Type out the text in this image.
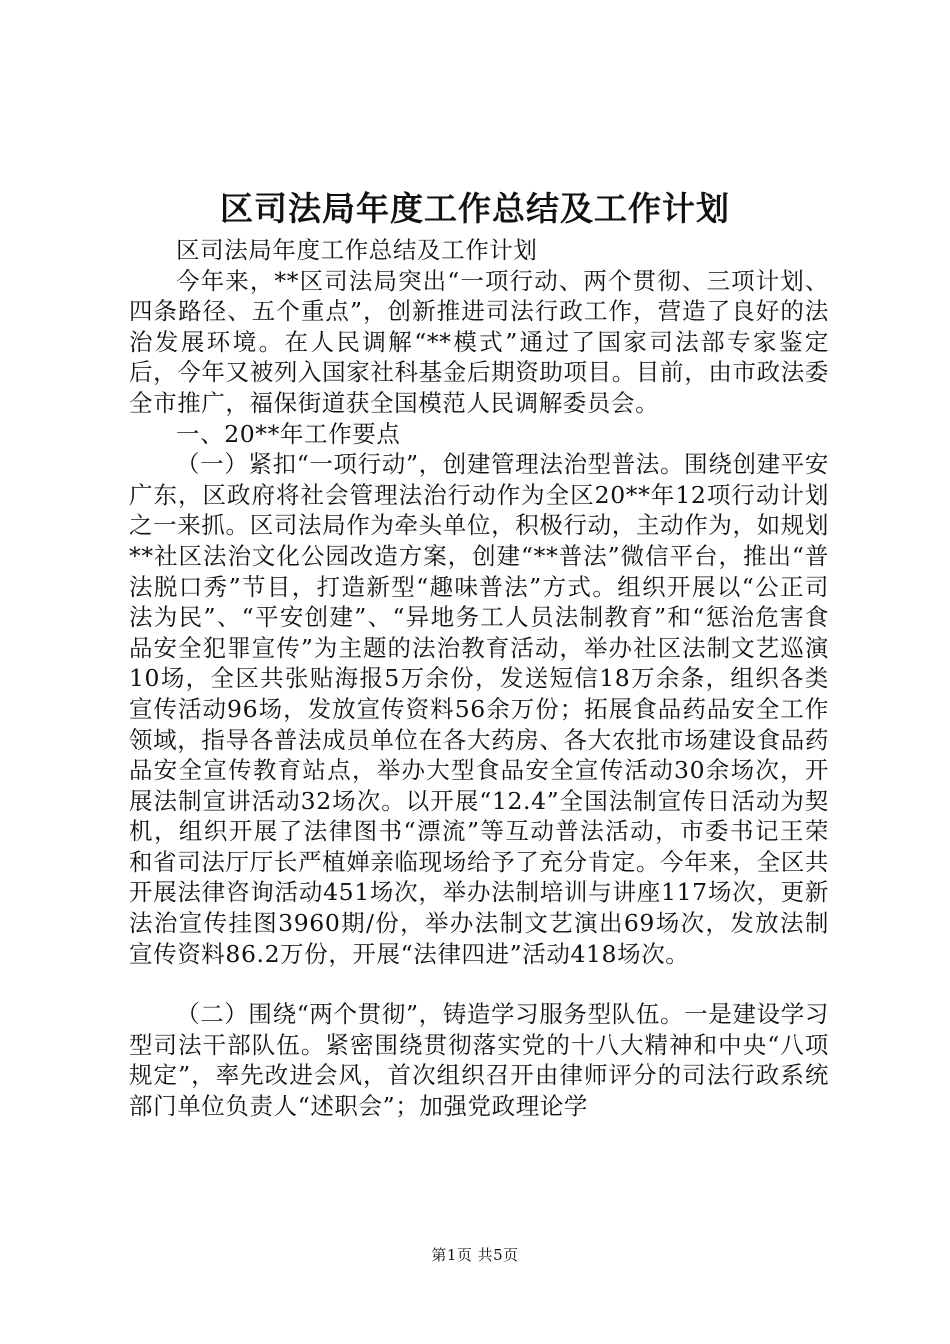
区司法局年度工作总结及工作计划

区司法局年度工作总结及工作计划

今年来，**区司法局突出“一项行动、两个贯彻、三项计划、四条路径、五个重点”，创新推进司法行政工作，营造了良好的法治发展环境。在人民调解“**模式”通过了国家司法部专家鉴定后，今年又被列入国家社科基金后期资助项目。目前，由市政法委全市推广，福保街道获全国模范人民调解委员会。

一、20**年工作要点

（一）紧扣“一项行动”，创建管理法治型普法。围绕创建平安广东，区政府将社会管理法治行动作为全区20**年12项行动计划之一来抓。区司法局作为牵头单位，积极行动，主动作为，如规划**社区法治文化公园改造方案，创建“**普法”微信平台，推出“普法脱口秀”节目，打造新型“趣味普法”方式。组织开展以“公正司法为民”、“平安创建”、“异地务工人员法制教育”和“惩治危害食品安全犯罪宣传”为主题的法治教育活动，举办社区法制文艺巡演10场，全区共张贴海报5万余份，发送短信18万余条，组织各类宣传活动96场，发放宣传资料56余万份；拓展食品药品安全工作领域，指导各普法成员单位在各大药房、各大农批市场建设食品药品安全宣传教育站点，举办大型食品安全宣传活动30余场次，开展法制宣讲活动32场次。以开展“12.4”全国法制宣传日活动为契机，组织开展了法律图书“漂流”等互动普法活动，市委书记王荣和省司法厅厅长严植婵亲临现场给予了充分肯定。今年来，全区共开展法律咨询活动451场次，举办法制培训与讲座117场次，更新法治宣传挂图3960期/份，举办法制文艺演出69场次，发放法制宣传资料86.2万份，开展“法律四进”活动418场次。

（二）围绕“两个贯彻”，铸造学习服务型队伍。一是建设学习型司法干部队伍。紧密围绕贯彻落实党的十八大精神和中央“八项规定”，率先改进会风，首次组织召开由律师评分的司法行政系统部门单位负责人“述职会”；加强党政理论学

第1页 共5页
